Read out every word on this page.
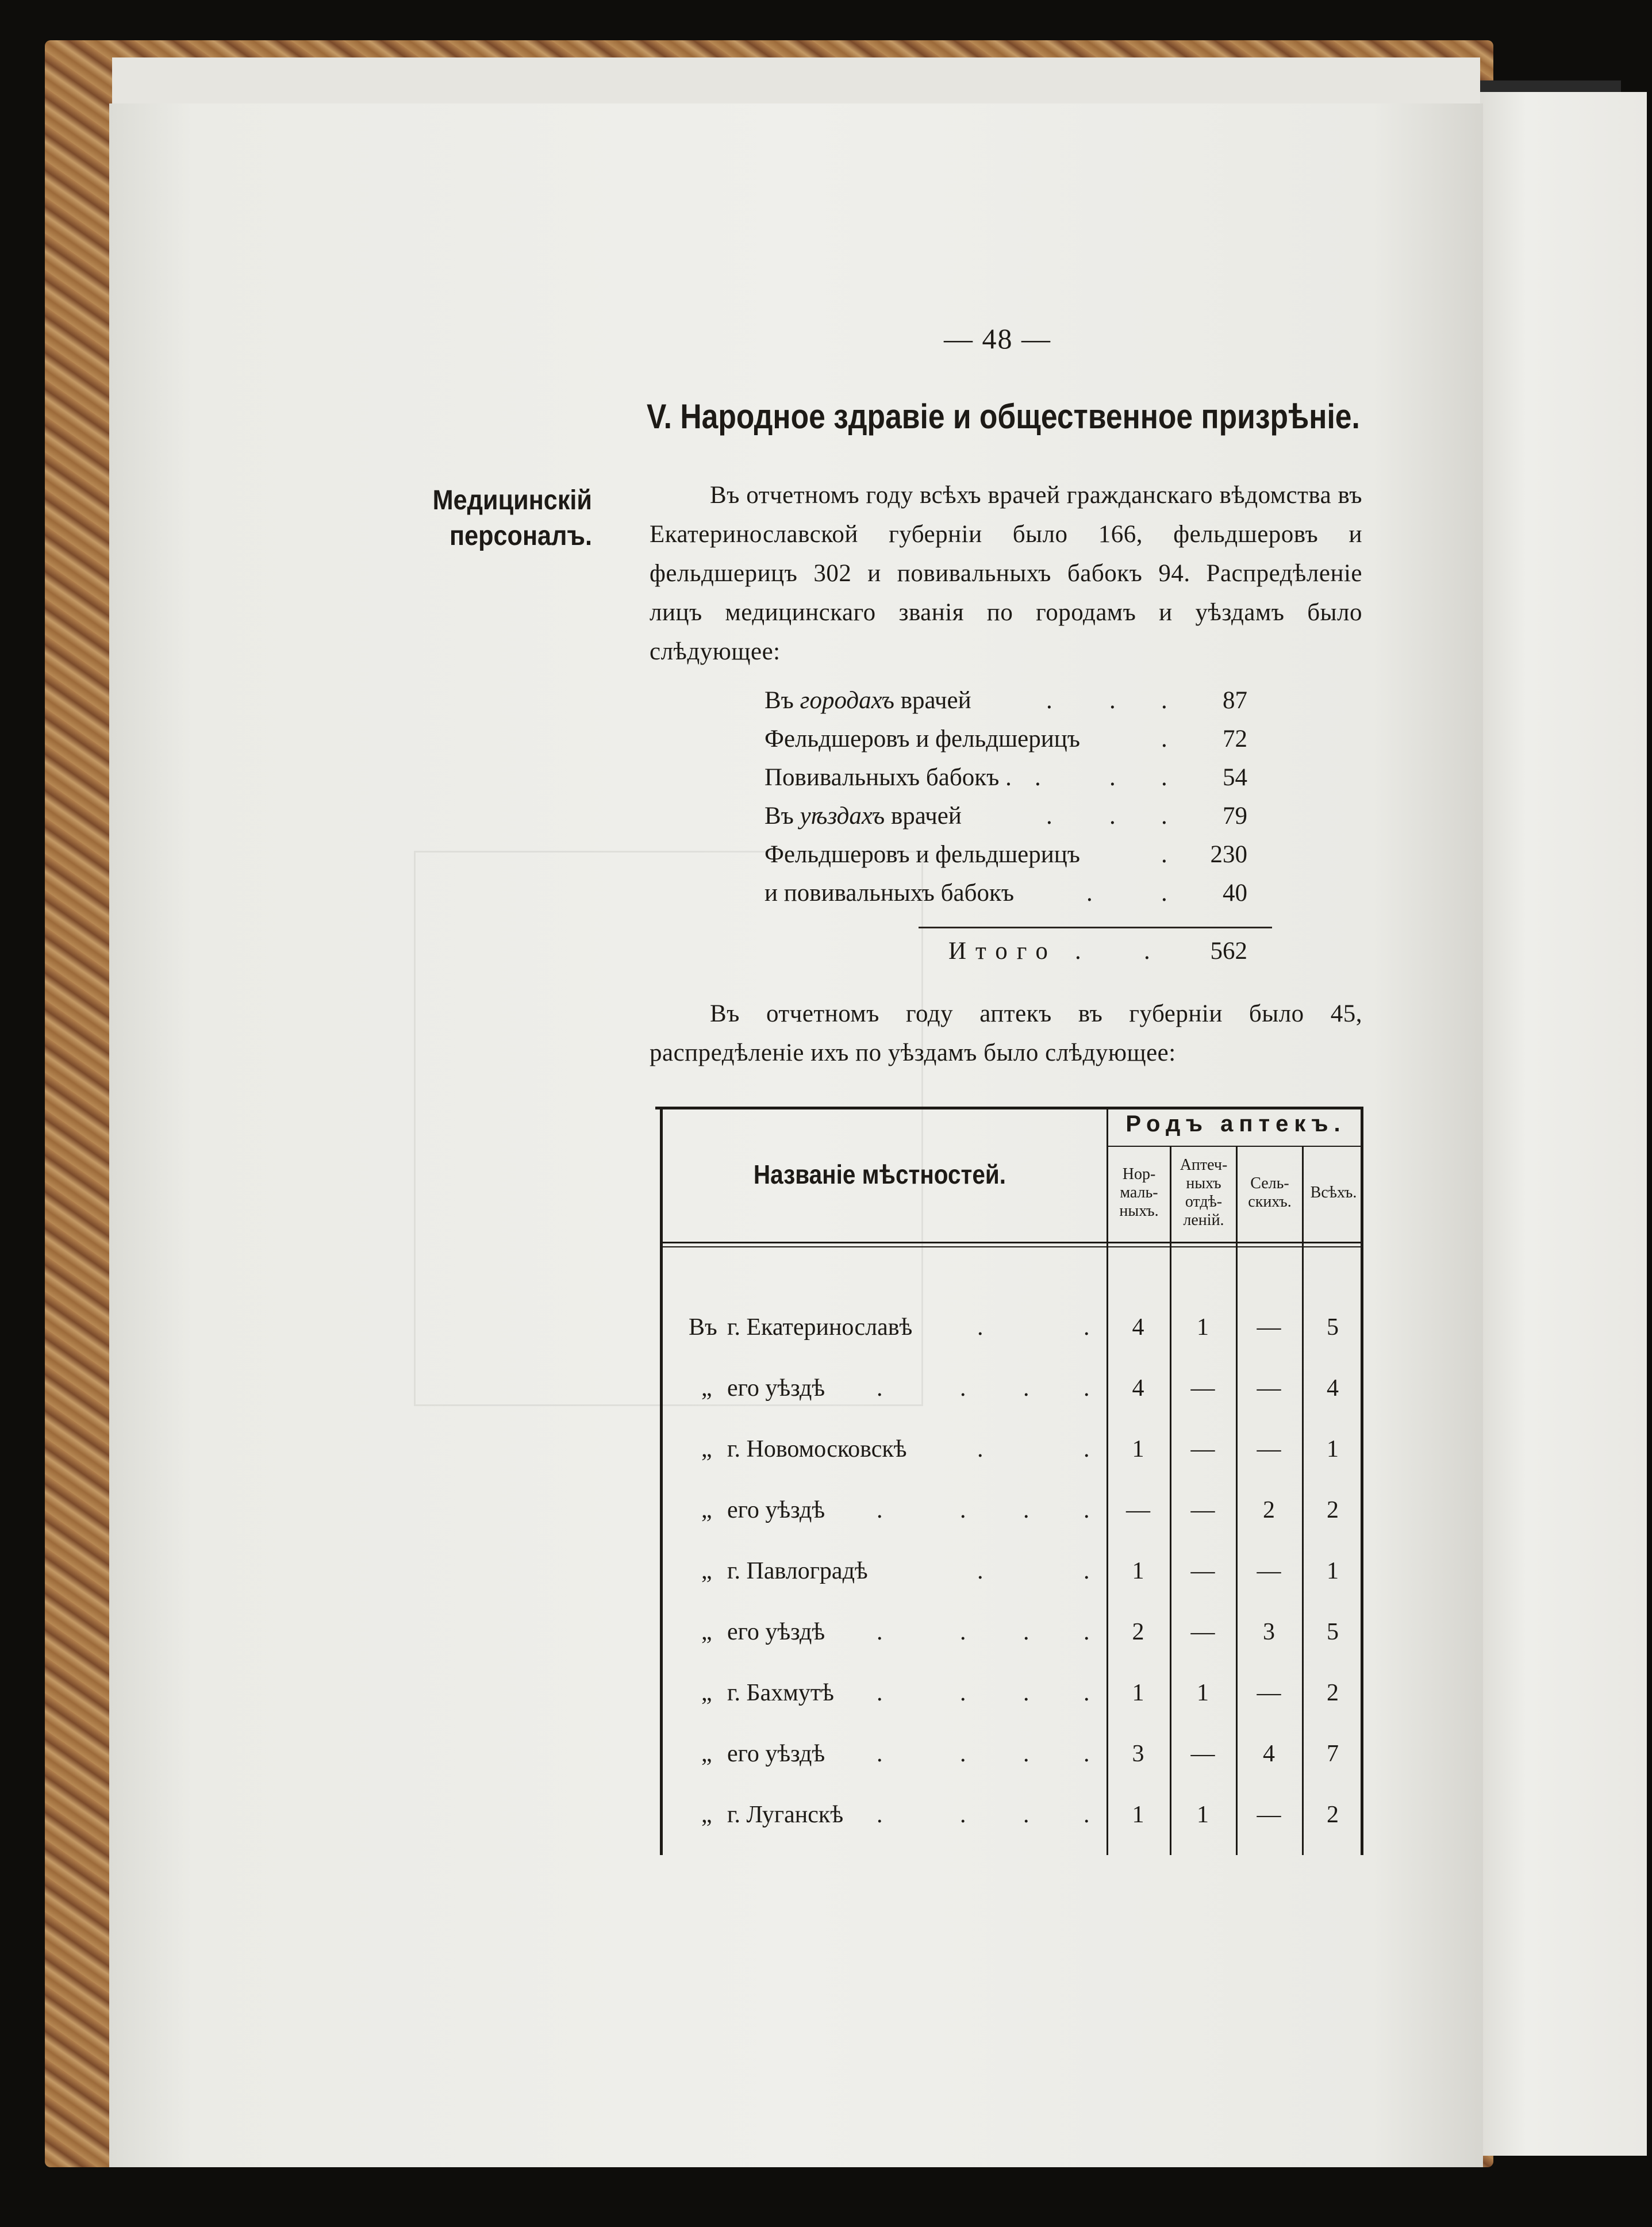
— 48 —
V. Народное здравіе и общественное призрѣніе.
Медицинскій
персоналъ.
Въ отчетномъ году всѣхъ врачей гражданскаго вѣдомства въ Екатеринославской губерніи было 166, фельдшеровъ и фельдшерицъ 302 и повивальныхъ бабокъ 94. Распредѣленіе лицъ медицинскаго званія по городамъ и уѣздамъ было слѣдующее:
Въ городахъ врачей	. . .	87
Фельдшеровъ и фельдшерицъ	.	72
Повивальныхъ бабокъ . .	. .	54
Въ уѣздахъ врачей	. . .	79
Фельдшеровъ и фельдшерицъ	.	230
и повивальныхъ бабокъ	.	.	40
Итого .	.	562
Въ отчетномъ году аптекъ въ губерніи было 45, распредѣленіе ихъ по уѣздамъ было слѣдующее:
Названіе мѣстностей.
Родъ аптекъ.
Нор-
маль-
ныхъ.
Аптеч-
ныхъ
отдѣ-
леній.
Сель-
скихъ.
Всѣхъ.
Въ г. Екатеринославѣ	.	.	4	1	—	5
„ его уѣздѣ .	. . .	4	—	—	4
„ г. Новомосковскѣ	.	.	1	—	—	1
„ его уѣздѣ .	. . .	—	—	2	2
„ г. Павлоградѣ	.	.	1	—	—	1
„ его уѣздѣ .	. . .	2	—	3	5
„ г. Бахмутѣ .	. . .	1	1	—	2
„ его уѣздѣ .	. . .	3	—	4	7
„ г. Луганскѣ .	. . .	1	1	—	2
